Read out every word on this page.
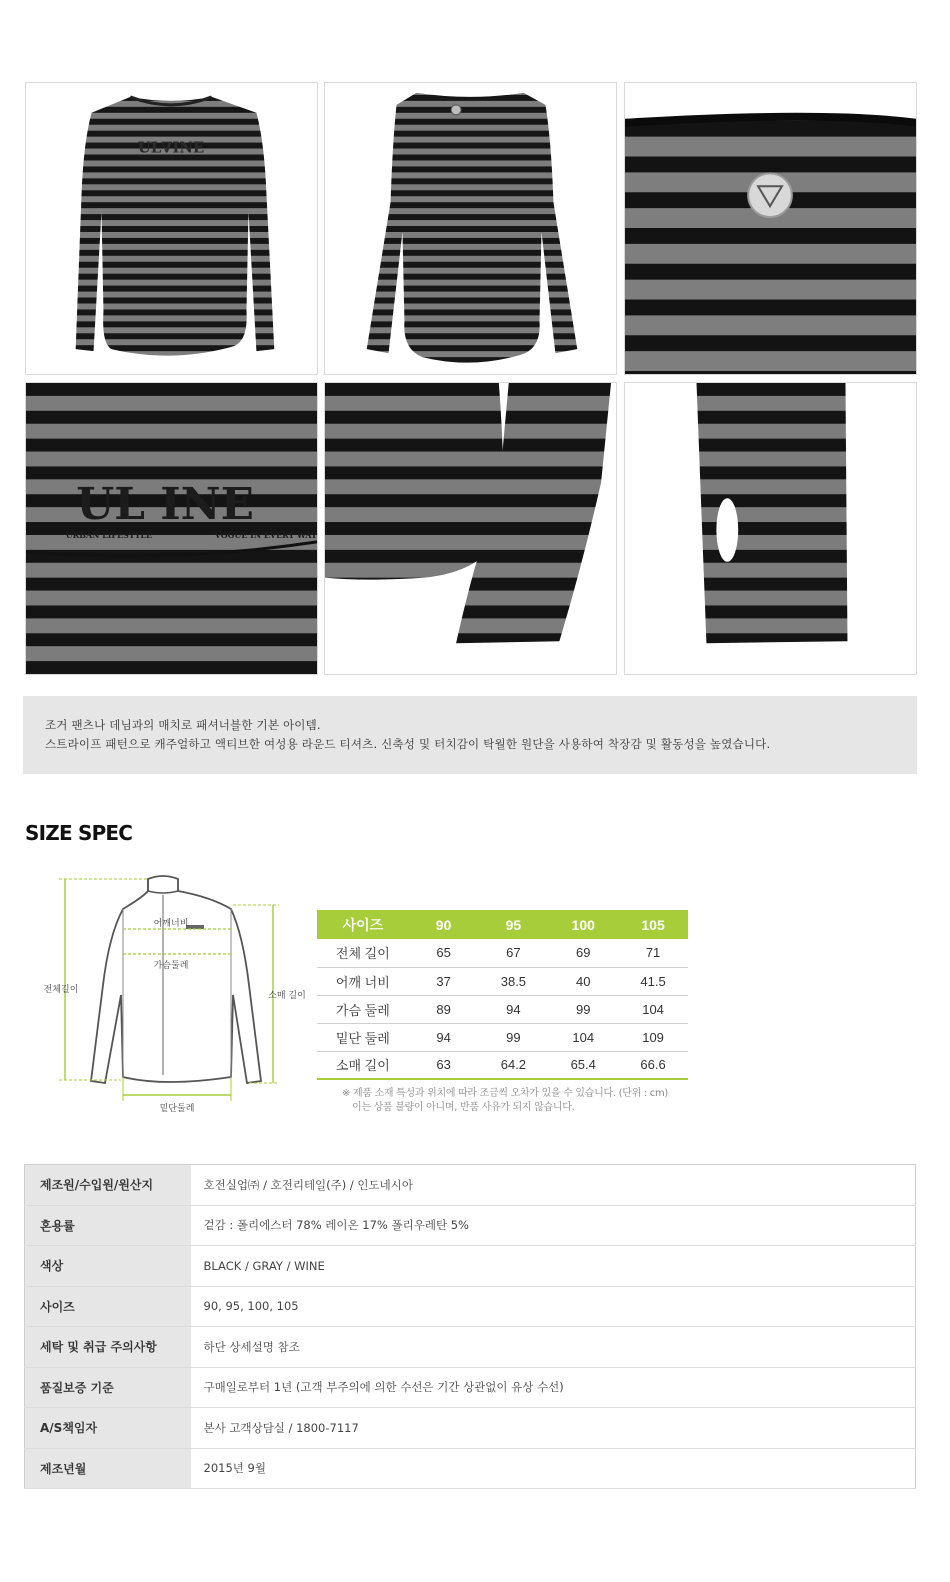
UL∇INE
UL INE
URBAN LIFESTYLE	VOGUE IN EVERY WAY

조거 팬츠나 데님과의 매치로 패셔너블한 기본 아이템.

스트라이프 패턴으로 캐주얼하고 액티브한 여성용 라운드 티셔츠. 신축성 및 터치감이 탁월한 원단을 사용하여 착장감 및 활동성을 높였습니다.

SIZE SPEC
어깨너비
가슴둘레
전체길이
소매 길이
밑단둘레
사이즈	90	95	100	105
전체 길이	65	67	69	71
어깨 너비	37	38.5	40	41.5
가슴 둘레	89	94	99	104
밑단 둘레	94	99	104	109
소매 길이	63	64.2	65.4	66.6
※ 제품 소재 특성과 위치에 따라 조금씩 오차가 있을 수 있습니다. (단위 : cm)
이는 상품 불량이 아니며, 반품 사유가 되지 않습니다.
제조원/수입원/원산지	호전실업㈜ / 호전리테일(주) / 인도네시아
혼용률	겉감 : 폴리에스터 78% 레이온 17% 폴리우레탄 5%
색상	BLACK / GRAY / WINE
사이즈	90, 95, 100, 105
세탁 및 취급 주의사항	하단 상세설명 참조
품질보증 기준	구매일로부터 1년 (고객 부주의에 의한 수선은 기간 상관없이 유상 수선)
A/S책임자	본사 고객상담실 / 1800-7117
제조년월	2015년 9월
